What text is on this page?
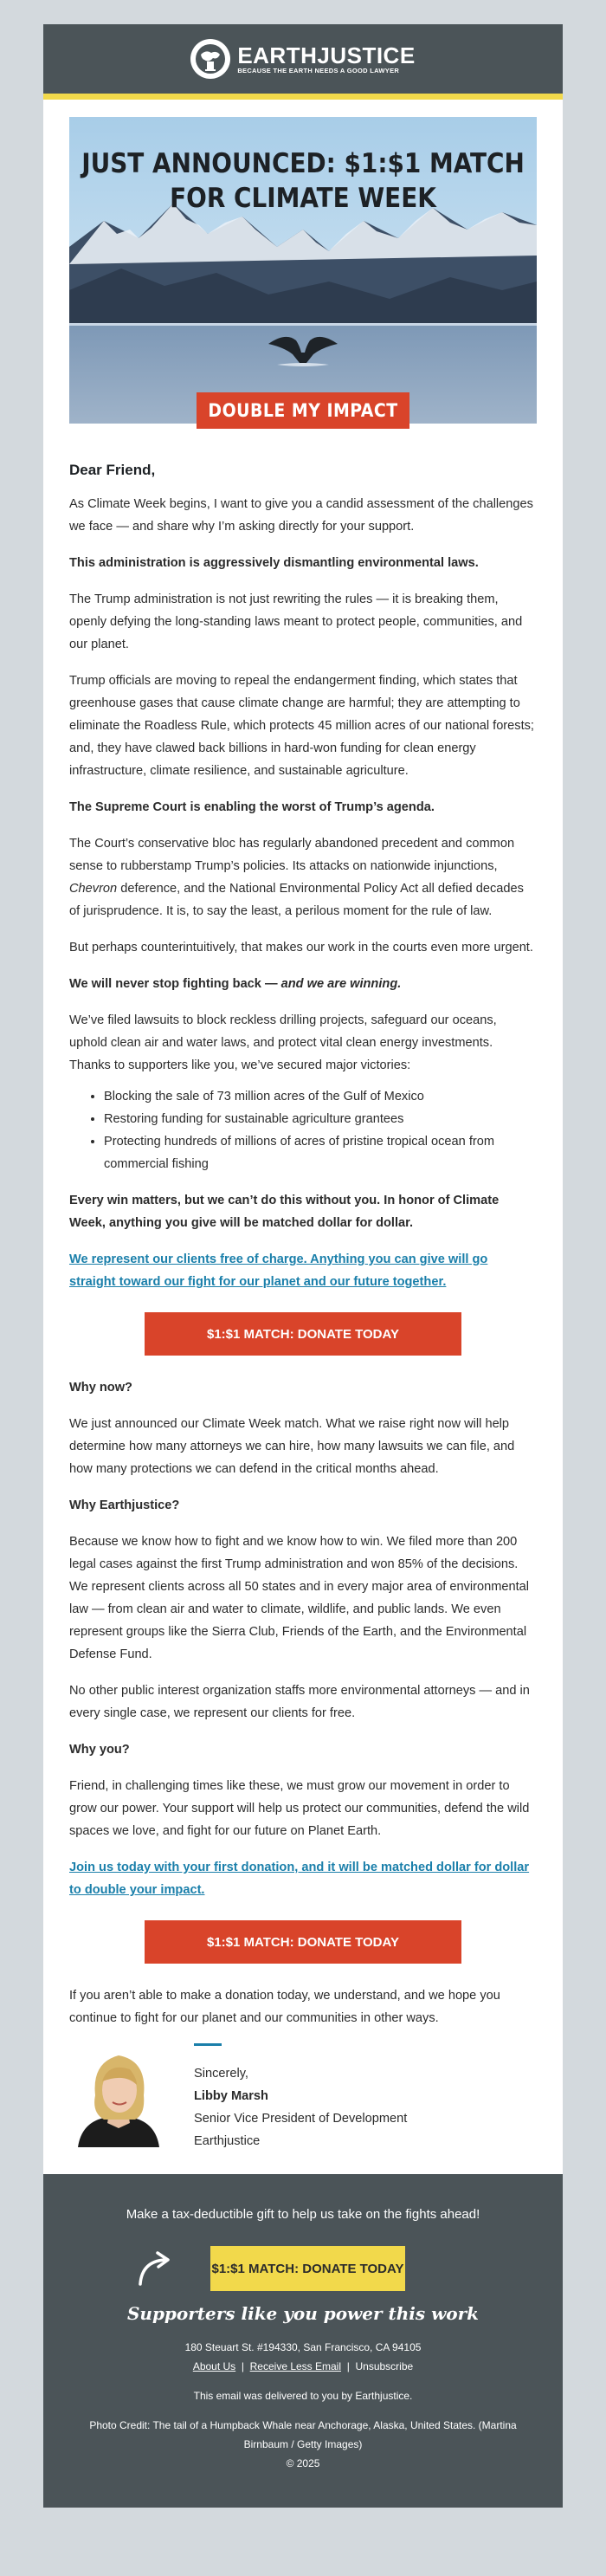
EARTHJUSTICE
BECAUSE THE EARTH NEEDS A GOOD LAWYER
JUST ANNOUNCED: $1:$1 MATCH
FOR CLIMATE WEEK
DOUBLE MY IMPACT
Dear Friend,

As Climate Week begins, I want to give you a candid assessment of the challenges we face — and share why I’m asking directly for your support.

This administration is aggressively dismantling environmental laws.

The Trump administration is not just rewriting the rules — it is breaking them, openly defying the long-standing laws meant to protect people, communities, and our planet.

Trump officials are moving to repeal the endangerment finding, which states that greenhouse gases that cause climate change are harmful; they are attempting to eliminate the Roadless Rule, which protects 45 million acres of our national forests; and, they have clawed back billions in hard-won funding for clean energy infrastructure, climate resilience, and sustainable agriculture.

The Supreme Court is enabling the worst of Trump’s agenda.

The Court’s conservative bloc has regularly abandoned precedent and common sense to rubberstamp Trump’s policies. Its attacks on nationwide injunctions, Chevron deference, and the National Environmental Policy Act all defied decades of jurisprudence. It is, to say the least, a perilous moment for the rule of law.

But perhaps counterintuitively, that makes our work in the courts even more urgent.

We will never stop fighting back — and we are winning.

We’ve filed lawsuits to block reckless drilling projects, safeguard our oceans, uphold clean air and water laws, and protect vital clean energy investments. Thanks to supporters like you, we’ve secured major victories:

• Blocking the sale of 73 million acres of the Gulf of Mexico
• Restoring funding for sustainable agriculture grantees
• Protecting hundreds of millions of acres of pristine tropical ocean from commercial fishing

Every win matters, but we can’t do this without you. In honor of Climate Week, anything you give will be matched dollar for dollar.

We represent our clients free of charge. Anything you can give will go straight toward our fight for our planet and our future together.

$1:$1 MATCH: DONATE TODAY

Why now?

We just announced our Climate Week match. What we raise right now will help determine how many attorneys we can hire, how many lawsuits we can file, and how many protections we can defend in the critical months ahead.

Why Earthjustice?

Because we know how to fight and we know how to win. We filed more than 200 legal cases against the first Trump administration and won 85% of the decisions. We represent clients across all 50 states and in every major area of environmental law — from clean air and water to climate, wildlife, and public lands. We even represent groups like the Sierra Club, Friends of the Earth, and the Environmental Defense Fund.

No other public interest organization staffs more environmental attorneys — and in every single case, we represent our clients for free.

Why you?

Friend, in challenging times like these, we must grow our movement in order to grow our power. Your support will help us protect our communities, defend the wild spaces we love, and fight for our future on Planet Earth.

Join us today with your first donation, and it will be matched dollar for dollar to double your impact.

$1:$1 MATCH: DONATE TODAY

If you aren’t able to make a donation today, we understand, and we hope you continue to fight for our planet and our communities in other ways.

Sincerely,
Libby Marsh
Senior Vice President of Development
Earthjustice
Make a tax-deductible gift to help us take on the fights ahead!
$1:$1 MATCH: DONATE TODAY
Supporters like you power this work
180 Steuart St. #194330, San Francisco, CA 94105
About Us | Receive Less Email | Unsubscribe
This email was delivered to you by Earthjustice.
Photo Credit: The tail of a Humpback Whale near Anchorage, Alaska, United States. (Martina Birnbaum / Getty Images)
© 2025
